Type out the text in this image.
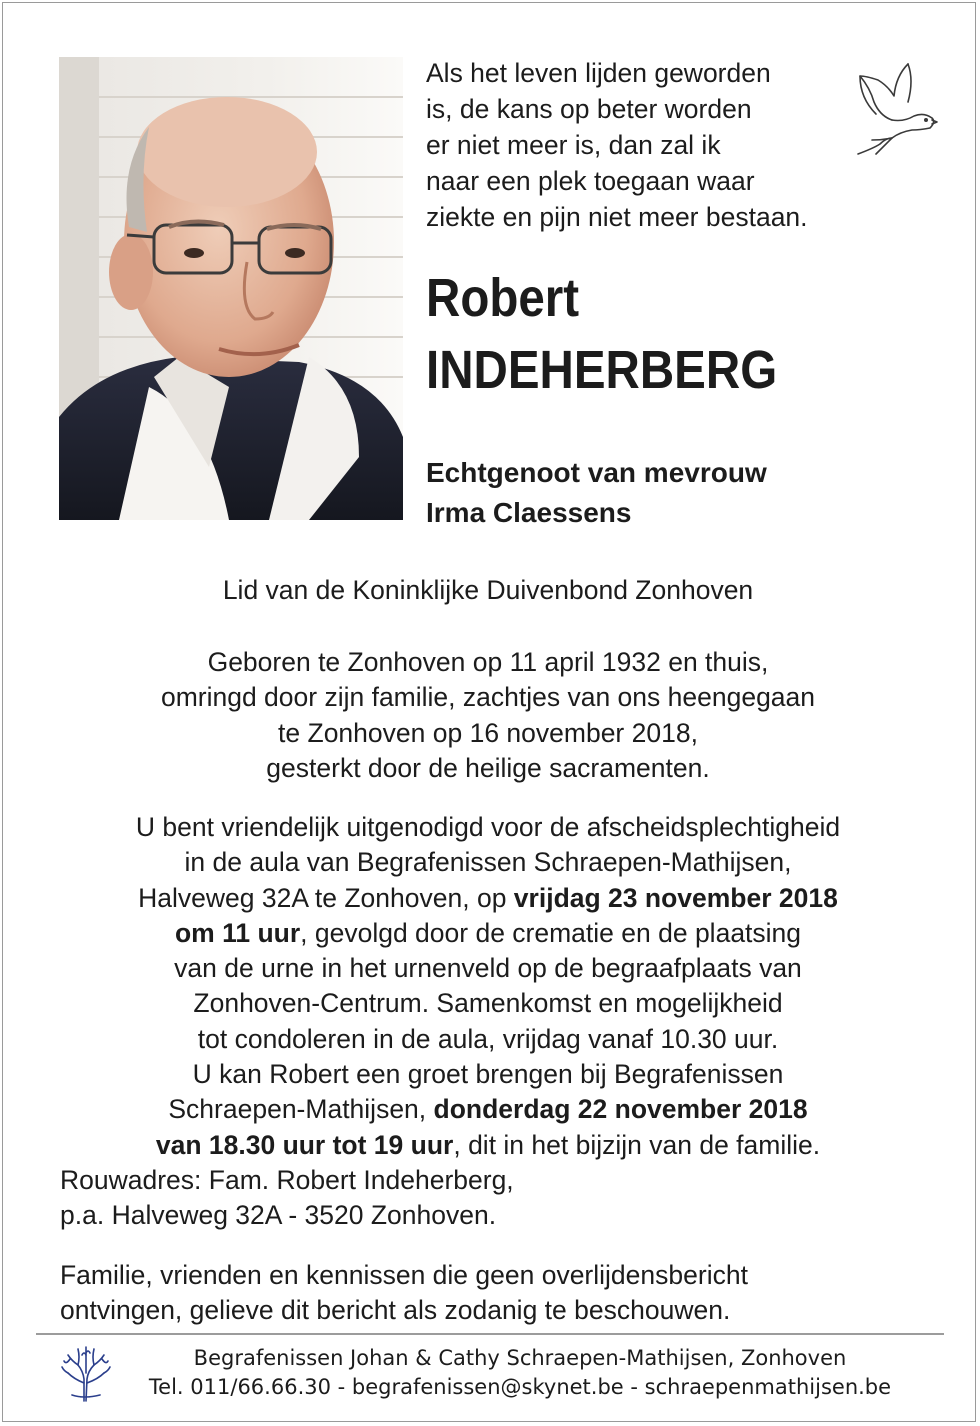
Als het leven lijden geworden
is, de kans op beter worden
er niet meer is, dan zal ik
naar een plek toegaan waar
ziekte en pijn niet meer bestaan.
Robert
INDEHERBERG
Echtgenoot van mevrouw
Irma Claessens
Lid van de Koninklijke Duivenbond Zonhoven
Geboren te Zonhoven op 11 april 1932 en thuis,
omringd door zijn familie, zachtjes van ons heengegaan
te Zonhoven op 16 november 2018,
gesterkt door de heilige sacramenten.
U bent vriendelijk uitgenodigd voor de afscheidsplechtigheid
in de aula van Begrafenissen Schraepen-Mathijsen,
Halveweg 32A te Zonhoven, op vrijdag 23 november 2018
om 11 uur, gevolgd door de crematie en de plaatsing
van de urne in het urnenveld op de begraafplaats van
Zonhoven-Centrum. Samenkomst en mogelijkheid
tot condoleren in de aula, vrijdag vanaf 10.30 uur.
U kan Robert een groet brengen bij Begrafenissen
Schraepen-Mathijsen, donderdag 22 november 2018
van 18.30 uur tot 19 uur, dit in het bijzijn van de familie.
Rouwadres: Fam. Robert Indeherberg,
p.a. Halveweg 32A - 3520 Zonhoven.
Familie, vrienden en kennissen die geen overlijdensbericht
ontvingen, gelieve dit bericht als zodanig te beschouwen.
Begrafenissen Johan & Cathy Schraepen-Mathijsen, Zonhoven
Tel. 011/66.66.30 - begrafenissen@skynet.be - schraepenmathijsen.be
